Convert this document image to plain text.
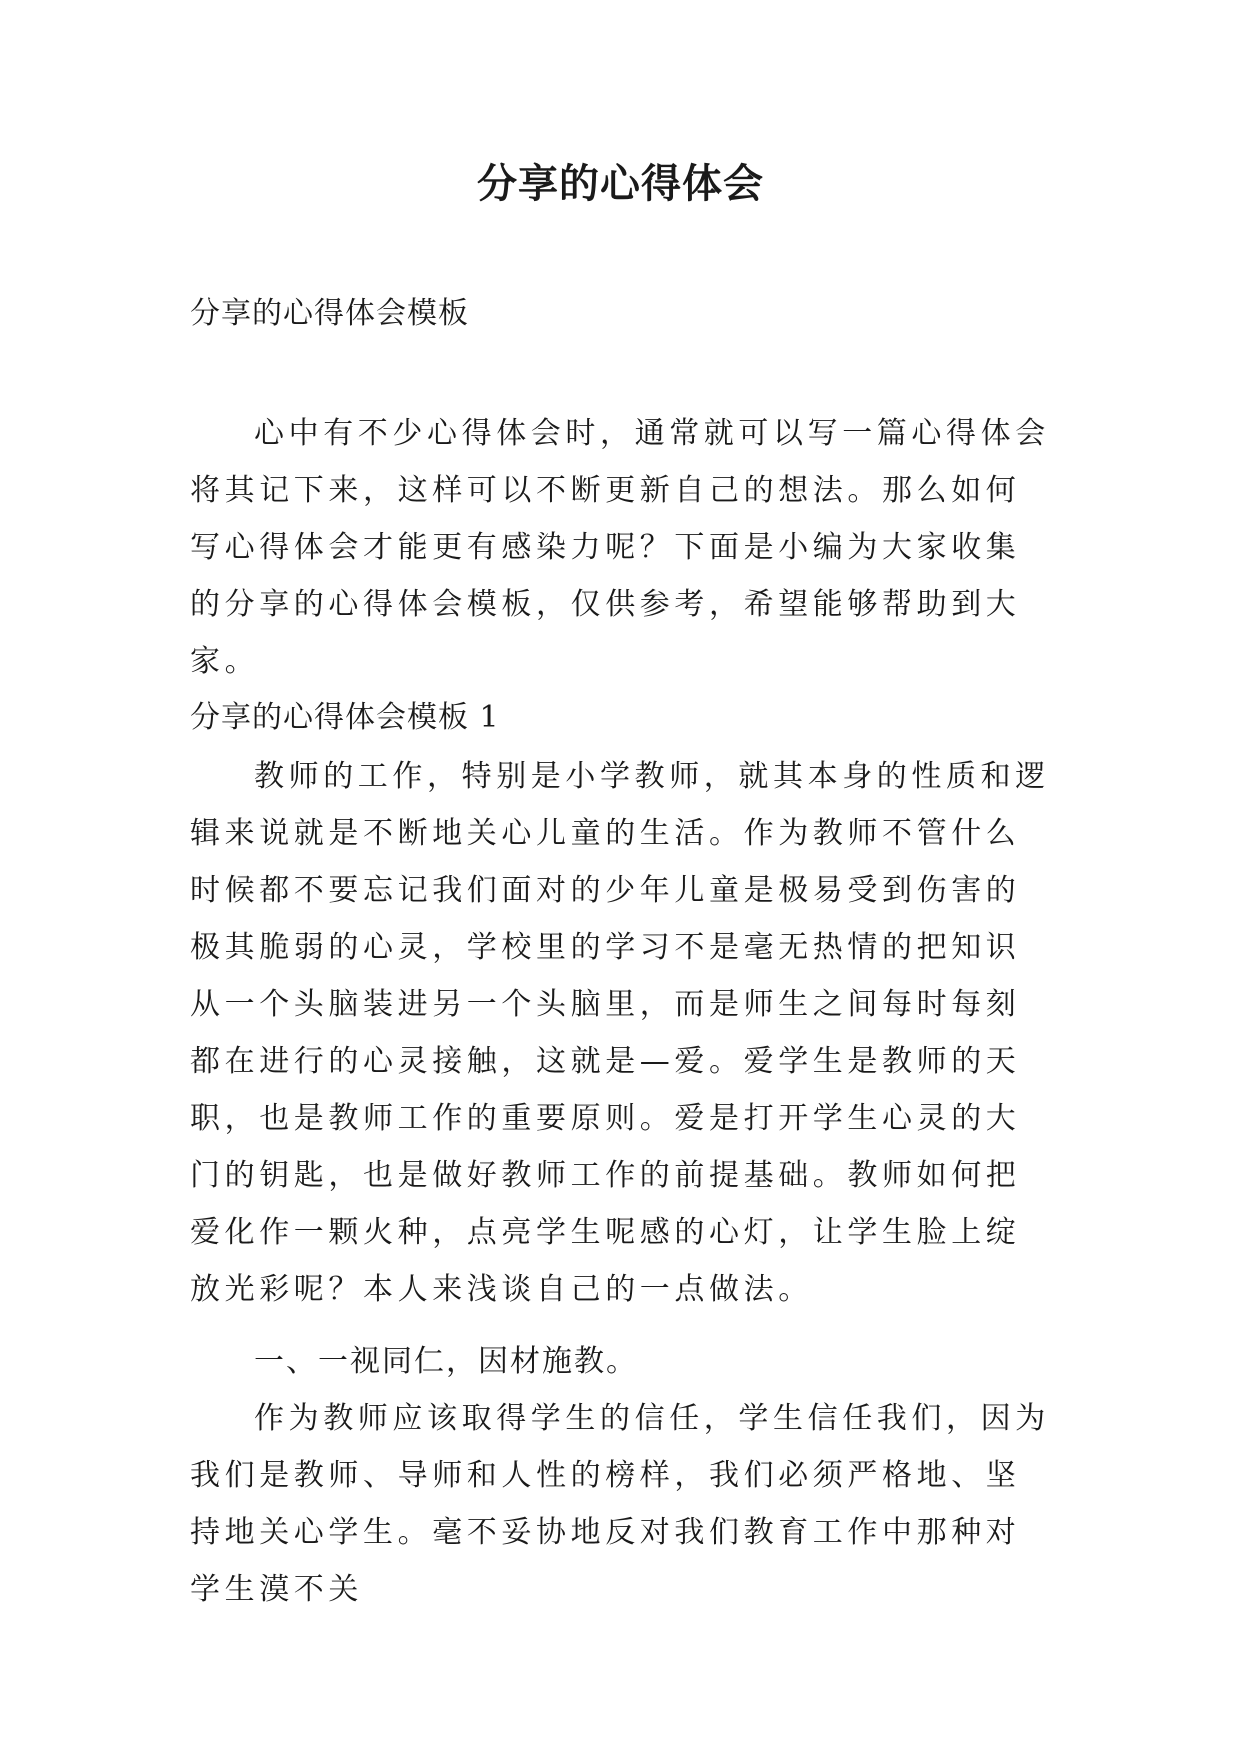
分享的心得体会
分享的心得体会模板

心中有不少心得体会时，通常就可以写一篇心得体会将其记下来，这样可以不断更新自己的想法。那么如何写心得体会才能更有感染力呢？下面是小编为大家收集的分享的心得体会模板，仅供参考，希望能够帮助到大家。

分享的心得体会模板 1

教师的工作，特别是小学教师，就其本身的性质和逻辑来说就是不断地关心儿童的生活。作为教师不管什么时候都不要忘记我们面对的少年儿童是极易受到伤害的极其脆弱的心灵，学校里的学习不是毫无热情的把知识从一个头脑装进另一个头脑里，而是师生之间每时每刻都在进行的心灵接触，这就是—爱。爱学生是教师的天职，也是教师工作的重要原则。爱是打开学生心灵的大门的钥匙，也是做好教师工作的前提基础。教师如何把爱化作一颗火种，点亮学生呢感的心灯，让学生脸上绽放光彩呢？本人来浅谈自己的一点做法。

一、一视同仁，因材施教。

作为教师应该取得学生的信任，学生信任我们，因为我们是教师、导师和人性的榜样，我们必须严格地、坚持地关心学生。毫不妥协地反对我们教育工作中那种对学生漠不关
